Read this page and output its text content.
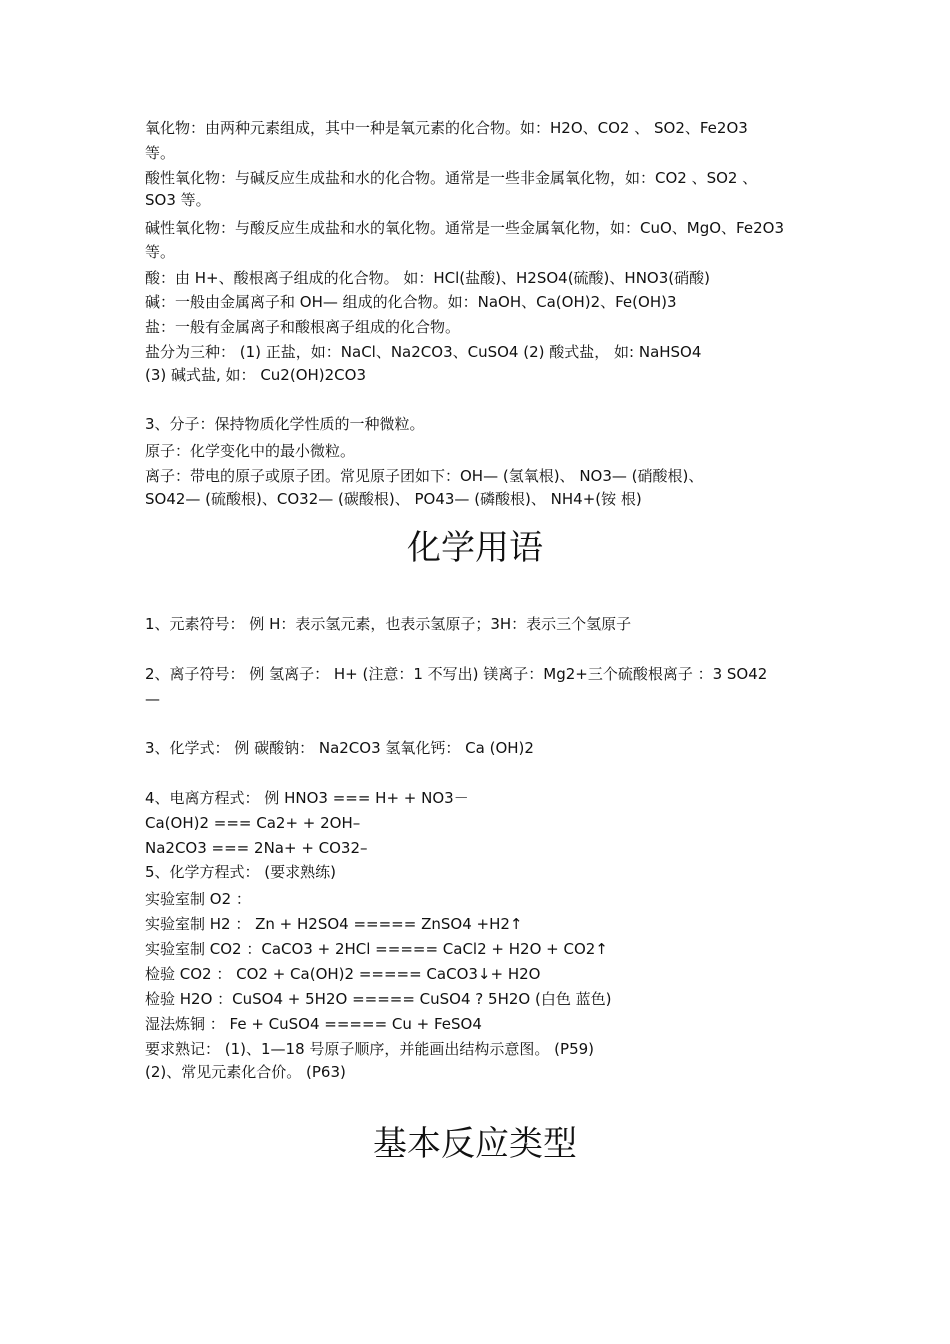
氧化物：由两种元素组成，其中一种是氧元素的化合物。如：H2O、CO2 、 SO2、Fe2O3
等。
酸性氧化物：与碱反应生成盐和水的化合物。通常是一些非金属氧化物，如：CO2 、SO2 、
SO3 等。
碱性氧化物：与酸反应生成盐和水的氧化物。通常是一些金属氧化物，如：CuO、MgO、Fe2O3
等。
酸：由 H+、酸根离子组成的化合物。 如：HCl(盐酸)、H2SO4(硫酸)、HNO3(硝酸)
碱：一般由金属离子和 OH— 组成的化合物。如：NaOH、Ca(OH)2、Fe(OH)3
盐：一般有金属离子和酸根离子组成的化合物。
盐分为三种： (1) 正盐，如：NaCl、Na2CO3、CuSO4 (2) 酸式盐， 如: NaHSO4
(3) 碱式盐, 如： Cu2(OH)2CO3
3、分子：保持物质化学性质的一种微粒。
原子：化学变化中的最小微粒。
离子：带电的原子或原子团。常见原子团如下：OH— (氢氧根)、 NO3— (硝酸根)、
SO42— (硫酸根)、CO32— (碳酸根)、 PO43— (磷酸根)、 NH4+(铵 根)
化学用语
1、元素符号： 例 H：表示氢元素，也表示氢原子；3H：表示三个氢原子
2、离子符号： 例 氢离子： H+ (注意：1 不写出) 镁离子：Mg2+三个硫酸根离子 ：3 SO42
—
3、化学式： 例 碳酸钠： Na2CO3 氢氧化钙： Ca (OH)2
4、电离方程式： 例 HNO3 === H+ + NO3－
Ca(OH)2 === Ca2+ + 2OH–
Na2CO3 === 2Na+ + CO32–
5、化学方程式： (要求熟练)
实验室制 O2 ：
实验室制 H2 ： Zn + H2SO4 ===== ZnSO4 +H2↑
实验室制 CO2 ：CaCO3 + 2HCl ===== CaCl2 + H2O + CO2↑
检验 CO2 ： CO2 + Ca(OH)2 ===== CaCO3↓+ H2O
检验 H2O ：CuSO4 + 5H2O ===== CuSO4 ? 5H2O (白色 蓝色)
湿法炼铜 ： Fe + CuSO4 ===== Cu + FeSO4
要求熟记： (1)、1—18 号原子顺序，并能画出结构示意图。 (P59)
(2)、常见元素化合价。 (P63)
基本反应类型
